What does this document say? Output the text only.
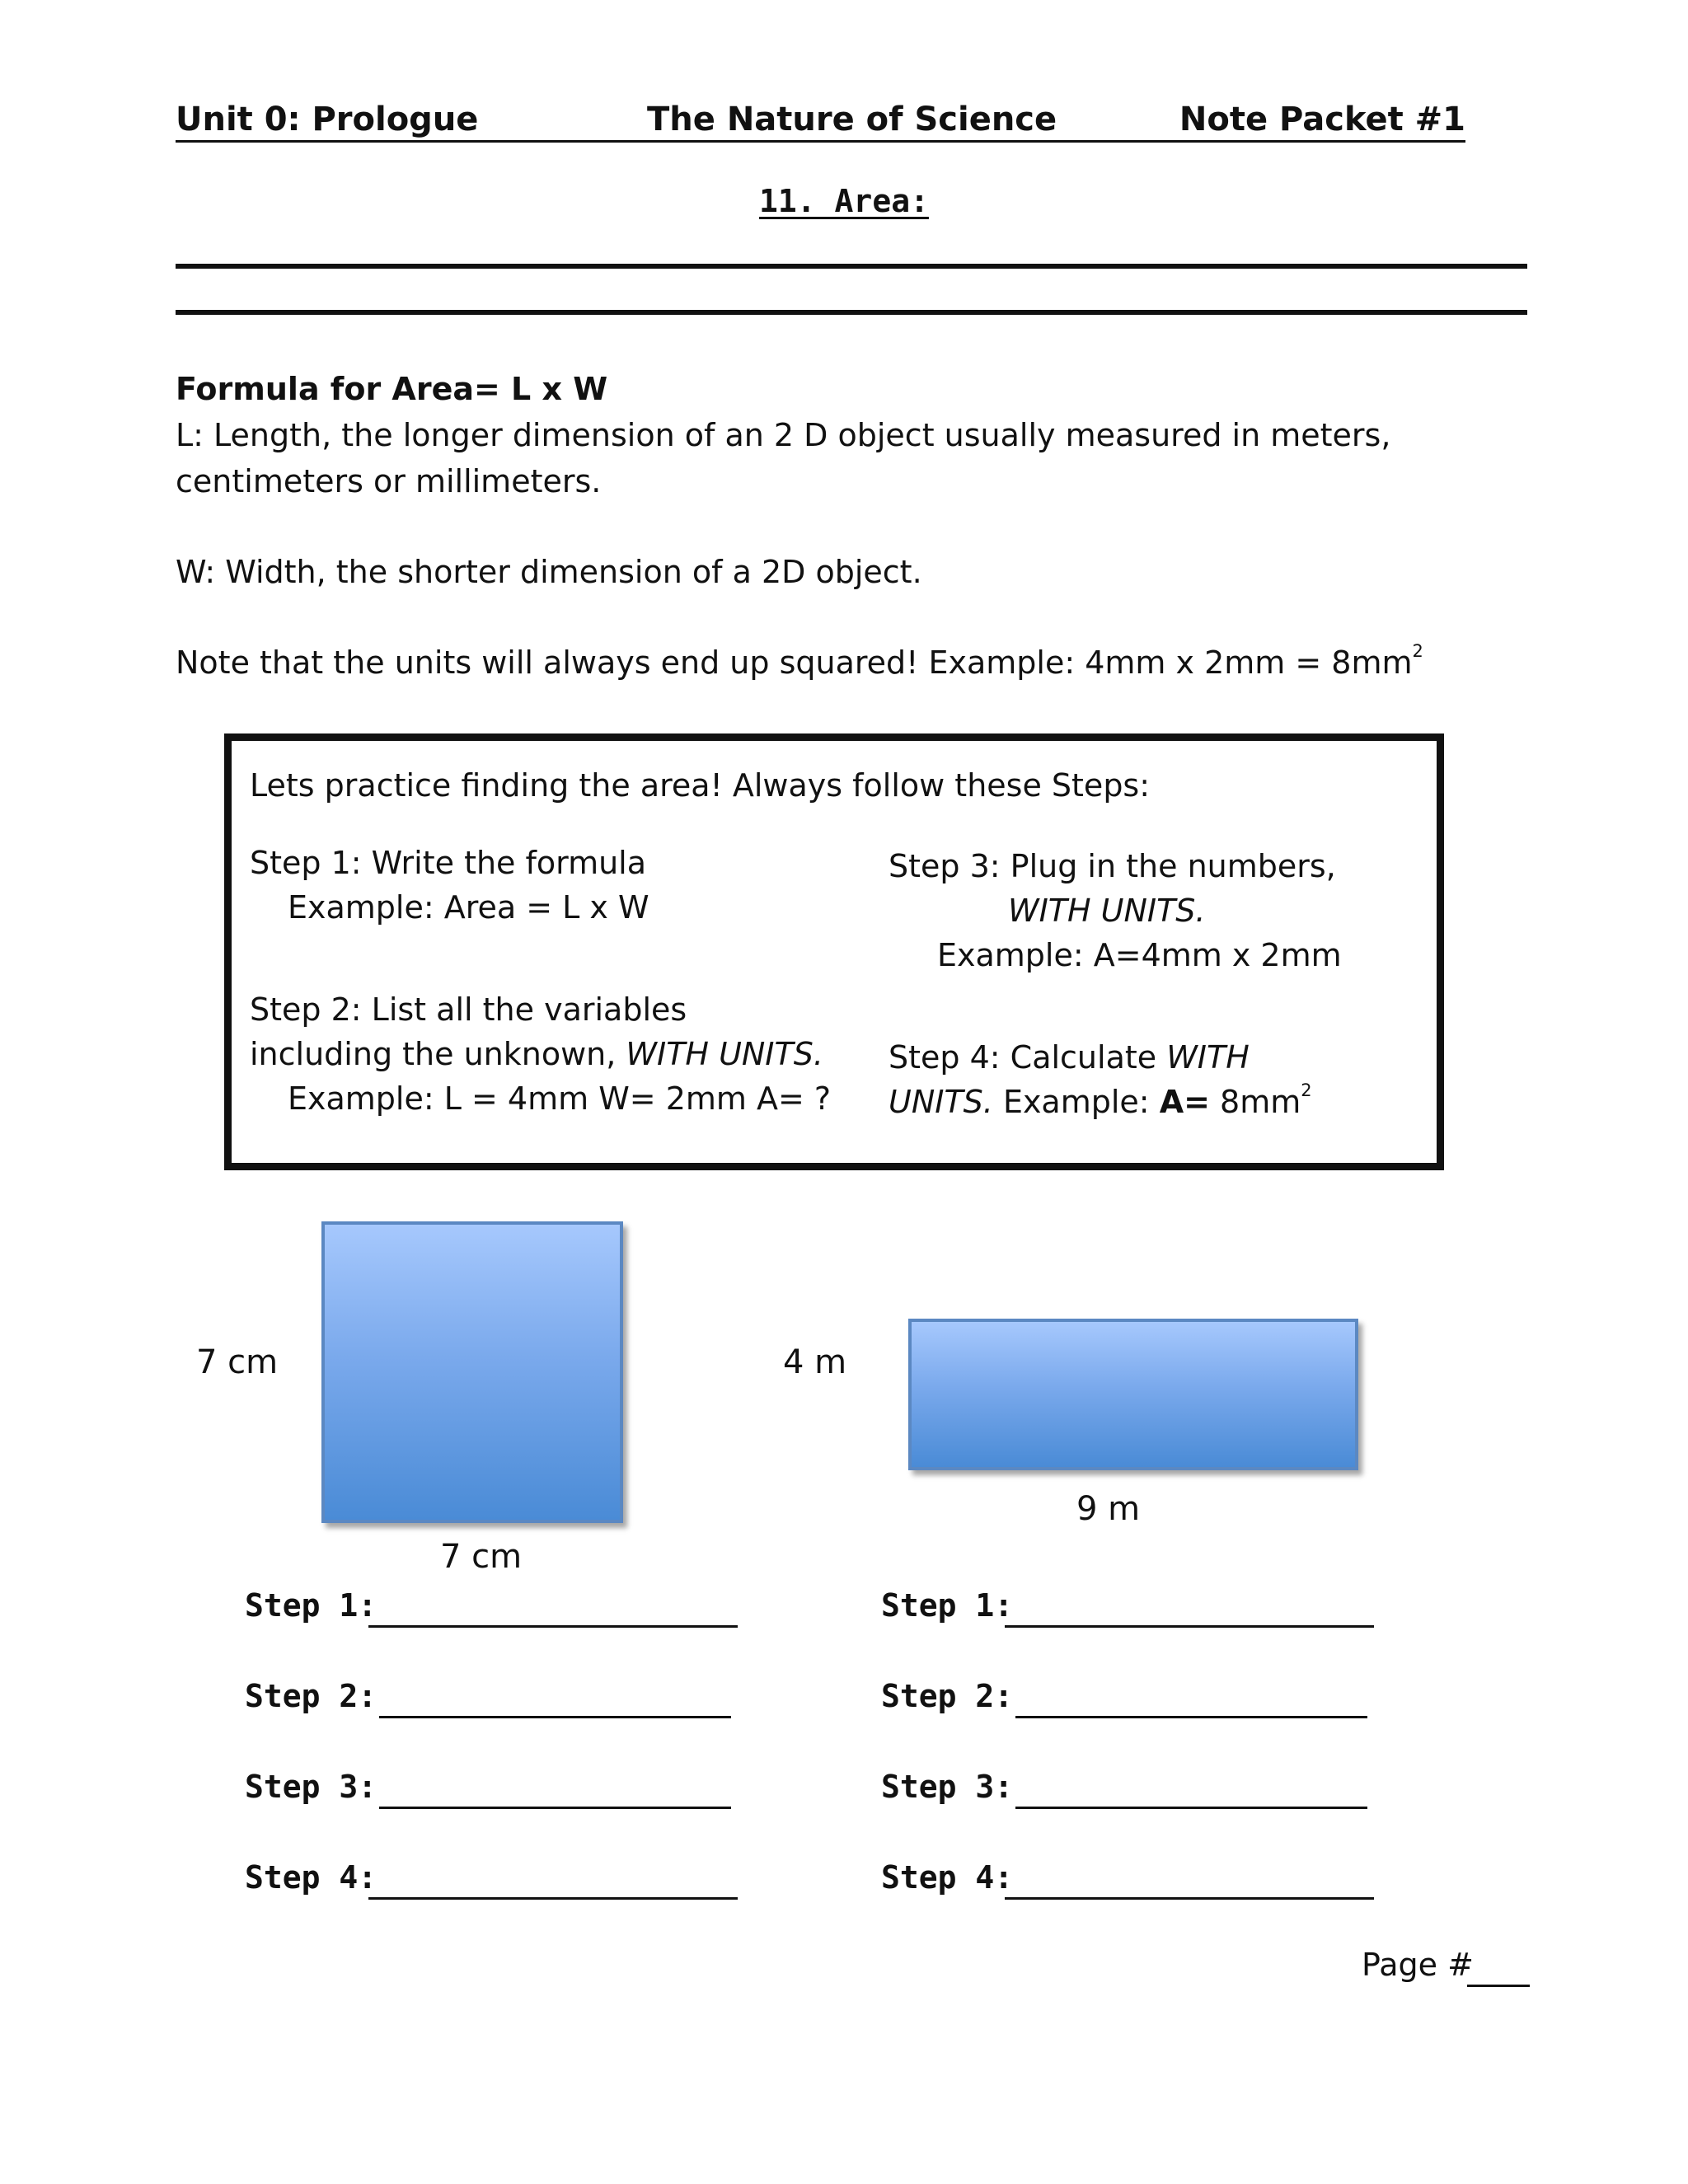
Unit 0: Prologue	The Nature of Science	Note Packet #1
11. Area:
Formula for Area= L x W
L: Length, the longer dimension of an 2 D object usually measured in meters,
centimeters or millimeters.
W: Width, the shorter dimension of a 2D object.
Note that the units will always end up squared! Example: 4mm x $2mm = 8mm^2$
Lets practice finding the area! Always follow these Steps:
Step 1: Write the formula
Example: Area = L x W
Step 2: List all the variables
including the unknown, WITH UNITS.
Example: L = 4mm W= 2mm A= ?
Step 3: Plug in the numbers,
WITH UNITS.
Example: A=4mm x 2mm
Step 4: Calculate WITH
UNITS. Example: $A= 8mm^2$
7 cm
7 cm
4 m
9 m
Step 1:
Step 2:
Step 3:
Step 4:
Step 1:
Step 2:
Step 3:
Step 4:
Page #
